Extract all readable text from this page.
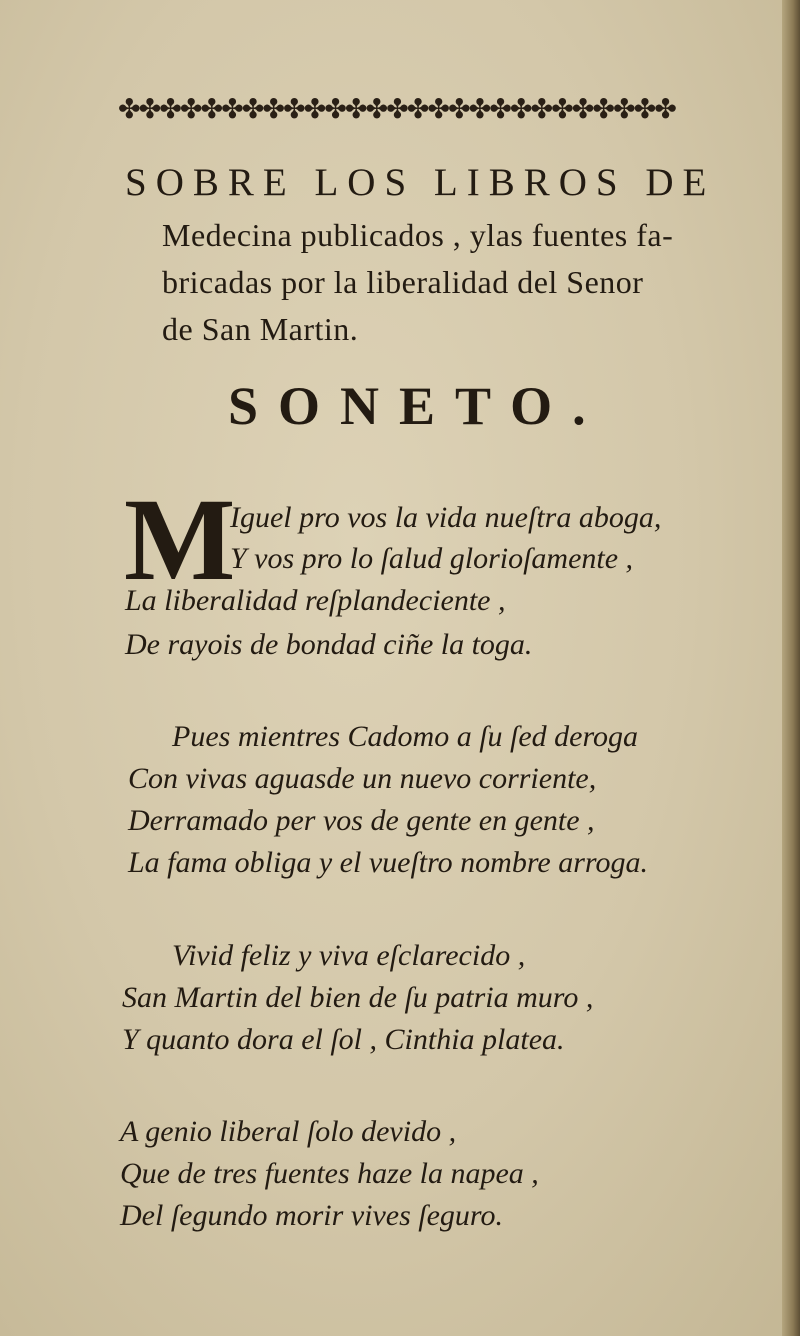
✤✤✤✤✤✤✤✤✤✤✤✤✤✤✤✤✤✤✤✤✤✤✤✤✤✤✤
SOBRE LOS LIBROS DE
Medecina publicados , ylas fuentes fa-
bricadas por la liberalidad del Senor
de San Martin.
SONETO.
M
Iguel pro vos la vida nueſtra aboga,
Y vos pro lo ſalud glorioſamente ,
La liberalidad reſplandeciente ,
De rayois de bondad ciñe la toga.
Pues mientres Cadomo a ſu ſed deroga
Con vivas aguasde un nuevo corriente,
Derramado per vos de gente en gente ,
La fama obliga y el vueſtro nombre arroga.
Vivid feliz y viva eſclarecido ,
San Martin del bien de ſu patria muro ,
Y quanto dora el ſol , Cinthia platea.
A genio liberal ſolo devido ,
Que de tres fuentes haze la napea ,
Del ſegundo morir vives ſeguro.
